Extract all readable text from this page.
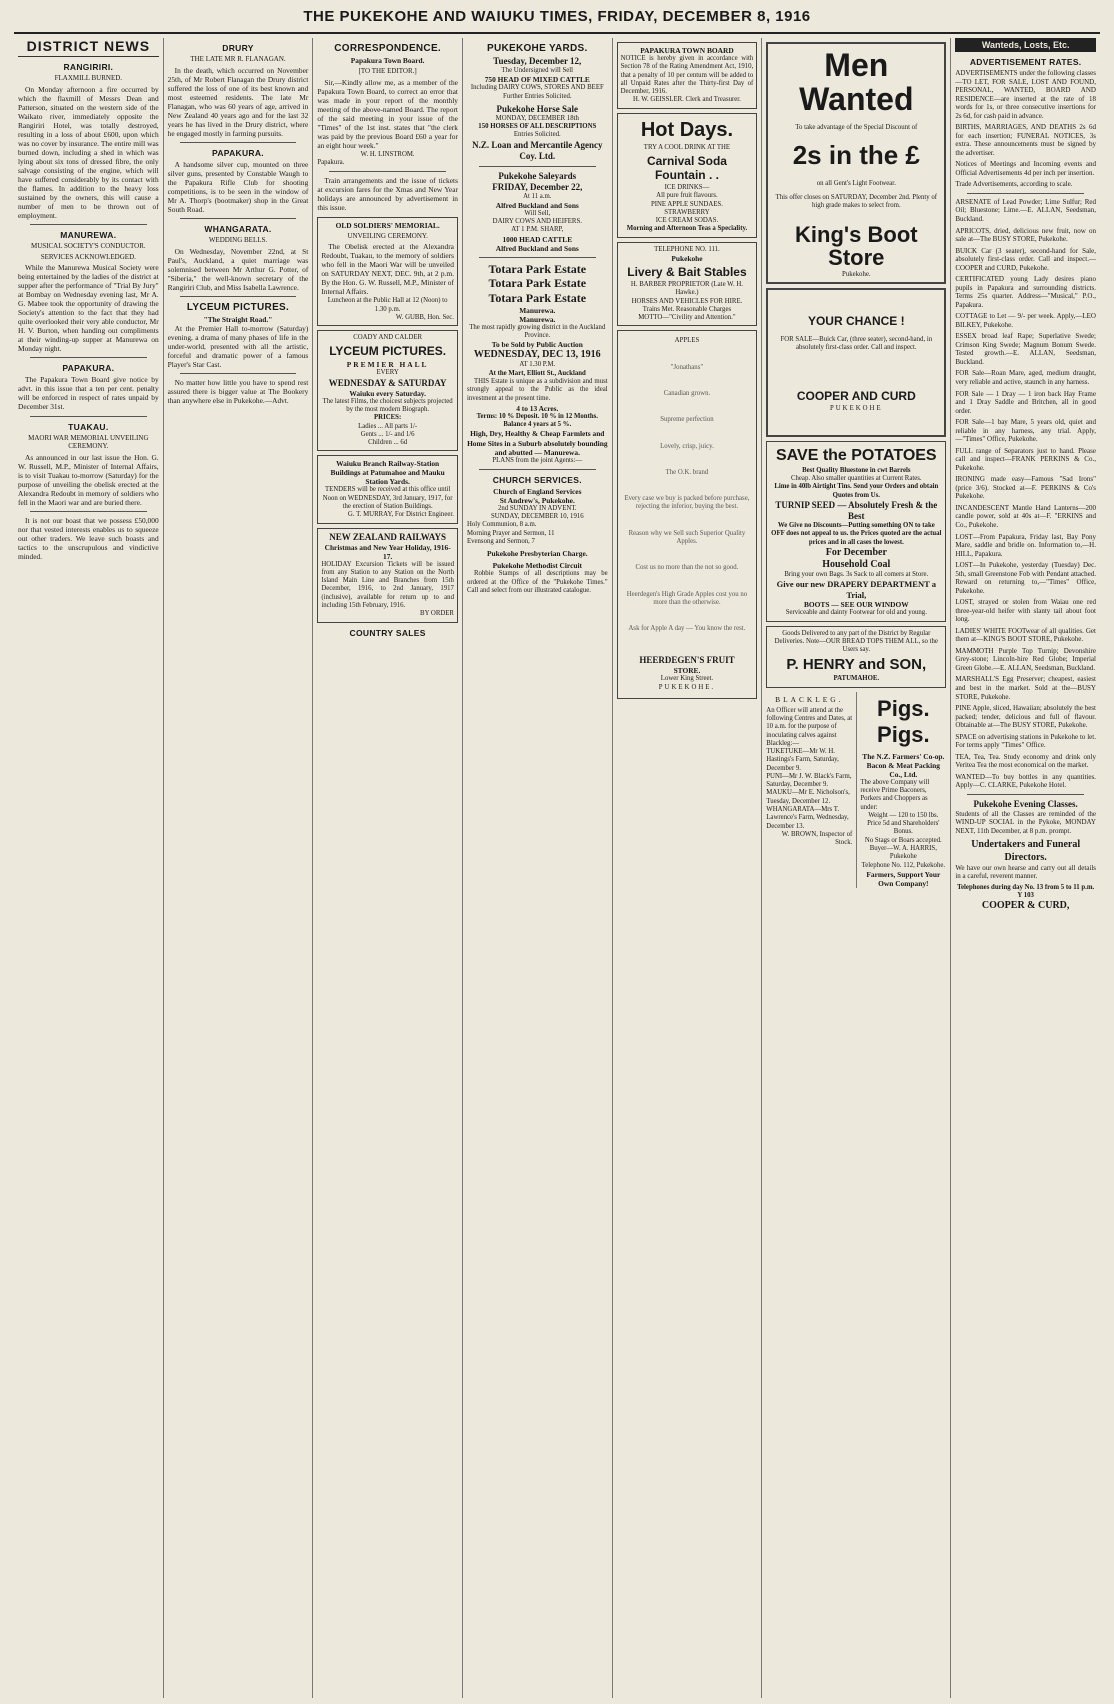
THE PUKEKOHE AND WAIUKU TIMES, FRIDAY, DECEMBER 8, 1916
DISTRICT NEWS
RANGIRIRI.
FLAXMILL BURNED.

On Monday afternoon a fire occurred by which the flaxmill of Messrs Dean and Patterson, situated on the western side of the Waikato river, immediately opposite the Rangiriri Hotel, was totally destroyed, resulting in a loss of about £600, upon which was no cover by insurance. The entire mill was burned down, including a shed in which was lying about six tons of dressed fibre, the only salvage consisting of the engine, which will have suffered considerably by its contact with the flames. In addition to the heavy loss sustained by the owners, this will cause a number of men to be thrown out of employment.

MANUREWA.
MUSICAL SOCIETY'S CONDUCTOR.
SERVICES ACKNOWLEDGED.

While the Manurewa Musical Society were being entertained by the ladies of the district at supper after the performance of "Trial By Jury" at Bombay on Wednesday evening last, Mr A. G. Mabee took the opportunity of drawing the Society's attention to the fact that they had quite overlooked their very able conductor, Mr H. V. Burton, when handing out compliments at their winding-up supper at Manurewa on Monday night.

PAPAKURA.

The Papakura Town Board give notice by advt. in this issue that a ten per cent. penalty will be enforced in respect of rates unpaid by December 31st.

TUAKAU.
MAORI WAR MEMORIAL UNVEILING CEREMONY.

As announced in our last issue the Hon. G. W. Russell, M.P., Minister of Internal Affairs, is to visit Tuakau to-morrow (Saturday) for the purpose of unveiling the obelisk erected at the Alexandra Redoubt in memory of soldiers who fell in the Maori war and are buried there.

It is not our boast that we possess £50,000 nor that vested interests enables us to squeeze out other traders. We leave such boasts and tactics to the unscrupulous and vindictive minded.

DRURY
THE LATE MR R. FLANAGAN.

In the death, which occurred on November 25th, of Mr Robert Flanagan the Drury district suffered the loss of one of its best known and most esteemed residents. The late Mr Flanagan, who was 60 years of age, arrived in New Zealand 40 years ago and for the last 32 years he has lived in the Drury district, where he engaged mostly in farming pursuits.

PAPAKURA.

A handsome silver cup, mounted on three silver guns, presented by Constable Waugh to the Papakura Rifle Club for shooting competitions, is to be seen in the window of Mr A. Thorp's (bootmaker) shop in the Great South Road.

WHANGARATA.
WEDDING BELLS.

On Wednesday, November 22nd, at St Paul's, Auckland, a quiet marriage was solemnised between Mr Arthur G. Potter, of "Siberia," the well-known secretary of the Rangiriri Club, and Miss Isabella Lawrence.

LYCEUM PICTURES.
"The Straight Road."

At the Premier Hall to-morrow (Saturday) evening, a drama of many phases of life in the under-world, presented with all the artistic, forceful and dramatic power of a famous Player's Star Cast.

No matter how little you have to spend rest assured there is bigger value at The Bookery than anywhere else in Pukekohe.—Advt.

CORRESPONDENCE.
Papakura Town Board.
[TO THE EDITOR.]

Sir,—Kindly allow me, as a member of the Papakura Town Board, to correct an error that was made in your report of the monthly meeting of the above-named Board. The report of the said meeting in your issue of the "Times" of the 1st inst. states that "the clerk was paid by the previous Board £60 a year for an eight hour week."

W. H. LINSTROM.
Papakura.

Train arrangements and the issue of tickets at excursion fares for the Xmas and New Year holidays are announced by advertisement in this issue.

OLD SOLDIERS' MEMORIAL.
UNVEILING CEREMONY.

The Obelisk erected at the Alexandra Redoubt, Tuakau, to the memory of soldiers who fell in the Maori War will be unveiled on SATURDAY NEXT, DEC. 9th, at 2 p.m. By the Hon. G. W. Russell, M.P., Minister of Internal Affairs.

Luncheon at the Public Hall at 12 (Noon) to 1.30 p.m.
W. GUBB, Hon. Sec.
COADY AND CALDER
LYCEUM PICTURES.
PREMIER HALL
EVERY
WEDNESDAY & SATURDAY
Waiuku every Saturday.
The latest Films, the choicest subjects projected by the most modern Biograph.
PRICES:
Ladies ... All parts 1/-
Gents ... 1/- and 1/6
Children ... 6d
Waiuku Branch Railway-Station Buildings at Patumahoe and Mauku Station Yards.
TENDERS will be received at this office until Noon on WEDNESDAY, 3rd January, 1917, for the erection of Station Buildings.
G. T. MURRAY, For District Engineer.
NEW ZEALAND RAILWAYS
Christmas and New Year Holiday, 1916-17.
HOLIDAY Excursion Tickets will be issued from any Station to any Station on the North Island Main Line and Branches from 15th December, 1916, to 2nd January, 1917 (inclusive), available for return up to and including 15th February, 1916.
BY ORDER
COUNTRY SALES
PUKEKOHE YARDS.
Tuesday, December 12,
The Undersigned will Sell
750 HEAD OF MIXED CATTLE
Including DAIRY COWS, STORES AND BEEF
Further Entries Solicited.
Pukekohe Horse Sale
MONDAY, DECEMBER 18th
150 HORSES OF ALL DESCRIPTIONS
Entries Solicited.
N.Z. Loan and Mercantile Agency Coy. Ltd.
Pukekohe Saleyards
FRIDAY, December 22,
At 11 a.m.
Alfred Buckland and Sons
Will Sell,
DAIRY COWS AND HEIFERS.
AT 1 P.M. SHARP,
1000 HEAD CATTLE
Alfred Buckland and Sons
Totara Park Estate
Totara Park Estate
Totara Park Estate
Manurewa.
Manurewa.
The most rapidly growing district in the Auckland Province.
To be Sold by Public Auction
WEDNESDAY, DEC 13, 1916
AT 1.30 P.M.
At the Mart, Elliott St., Auckland

THIS Estate is unique as a subdivision and must strongly appeal to the Public as the ideal investment at the present time.

4 to 13 Acres.
Terms: 10 % Deposit. 10 % in 12 Months. Balance 4 years at 5 %.
High, Dry, Healthy & Cheap Farmlets and Home Sites in a Suburb absolutely bounding and abutted — Manurewa.
PLANS from the joint Agents:—
CHURCH SERVICES.
Church of England Services
St Andrew's, Pukekohe.
2nd SUNDAY IN ADVENT.
SUNDAY, DECEMBER 10, 1916
Holy Communion, 8 a.m.
Morning Prayer and Sermon, 11
Evensong and Sermon, 7
Pukekohe Presbyterian Charge.
Pukekohe Methodist Circuit

Robbie Stamps of all descriptions may be ordered at the Office of the "Pukekohe Times." Call and select from our illustrated catalogue.

PAPAKURA TOWN BOARD
NOTICE is hereby given in accordance with Section 78 of the Rating Amendment Act, 1910, that a penalty of 10 per centum will be added to all Unpaid Rates after the Thirty-first Day of December, 1916.
H. W. GEISSLER. Clerk and Treasurer.
Hot Days.
TRY A COOL DRINK AT THE
Carnival Soda Fountain . .
ICE DRINKS—
All pure fruit flavours.
PINE APPLE SUNDAES.
STRAWBERRY
ICE CREAM SODAS.
Morning and Afternoon Teas a Speciality.
TELEPHONE NO. 111.
Pukekohe
Livery & Bait Stables
H. BARBER PROPRIETOR (Late W. H. Hawke.)
HORSES AND VEHICLES FOR HIRE.
Trains Met. Reasonable Charges
MOTTO—"Civility and Attention."
APPLES
"Jonathans"
Canadian grown.
Supreme perfection
Lovely, crisp, juicy.
The O.K. brand
Every case we buy is packed before purchase, rejecting the inferior, buying the best.
Reason why we Sell such Superior Quality Apples.
Cost us no more than the not so good.
Heerdegen's High Grade Apples cost you no more than the otherwise.
Ask for Apple A day — You know the rest.
HEERDEGEN'S FRUIT
STORE.
Lower King Street.
PUKEKOHE.
Men Wanted
To take advantage of the Special Discount of
2s in the £
on all Gent's Light Footwear.
This offer closes on SATURDAY, December 2nd. Plenty of high grade makes to select from.
King's Boot Store
Pukekohe.
YOUR CHANCE !
FOR SALE—Buick Car, (three seater), second-hand, in absolutely first-class order. Call and inspect.
COOPER AND CURD
PUKEKOHE
SAVE the POTATOES
Best Quality Bluestone in cwt Barrels
Cheap. Also smaller quantities at Current Rates.
Lime in 40lb Airtight Tins. Send your Orders and obtain Quotes from Us.
TURNIP SEED — Absolutely Fresh & the Best
We Give no Discounts—Putting something ON to take OFF does not appeal to us. the Prices quoted are the actual prices and in all cases the lowest.
For December
Household Coal
Bring your own Bags. 3s Sack to all comers at Store.
Give our new DRAPERY DEPARTMENT a Trial,
BOOTS — SEE OUR WINDOW
Serviceable and dainty Footwear for old and young.
Goods Delivered to any part of the District by Regular Deliveries. Note—OUR BREAD TOPS THEM ALL, so the Users say.
P. HENRY and SON,
PATUMAHOE.
BLACKLEG.
An Officer will attend at the following Centres and Dates, at 10 a.m. for the purpose of inoculating calves against Blackleg:—
TUKETUKE—Mr W. H. Hastings's Farm, Saturday, December 9.
PUNI—Mr J. W. Black's Farm, Saturday, December 9.
MAUKU—Mr E. Nicholson's, Tuesday, December 12.
WHANGARATA—Mrs T. Lawrence's Farm, Wednesday, December 13.
W. BROWN, Inspector of Stock.
Pigs. Pigs.
The N.Z. Farmers' Co-op. Bacon & Meat Packing Co., Ltd.
The above Company will receive Prime Baconers, Porkers and Choppers as under:
Weight — 120 to 150 lbs.
Price 5d and Shareholders' Bonus.
No Stags or Boars accepted.
Buyer—W. A. HARRIS, Pukekohe
Telephone No. 112, Pukekohe.
Farmers, Support Your Own Company!
Wanteds, Losts, Etc.
ADVERTISEMENT RATES.
ADVERTISEMENTS under the following classes—TO LET, FOR SALE, LOST AND FOUND, PERSONAL, WANTED, BOARD AND RESIDENCE—are inserted at the rate of 18 words for 1s, or three consecutive insertions for 2s 6d, for cash paid in advance.
BIRTHS, MARRIAGES, AND DEATHS 2s 6d for each insertion; FUNERAL NOTICES, 3s extra. These announcements must be signed by the advertiser.
Notices of Meetings and Incoming events and Official Advertisements 4d per inch per insertion.
Trade Advertisements, according to scale.
ARSENATE of Lead Powder; Lime Sulfur; Red Oil; Bluestone; Lime.—E. ALLAN, Seedsman, Buckland.
APRICOTS, dried, delicious new fruit, now on sale at—The BUSY STORE, Pukekohe.
BUICK Car (3 seater), second-hand for Sale, absolutely first-class order. Call and inspect.—COOPER and CURD, Pukekohe.
CERTIFICATED young Lady desires piano pupils in Papakura and surrounding districts. Terms 25s quarter. Address—"Musical," P.O., Papakura.
COTTAGE to Let — 9/- per week. Apply,—LEO BILKEY, Pukekohe.
ESSEX broad leaf Rape; Superlative Swede; Crimson King Swede; Magnum Bonum Swede. Tested growth.—E. ALLAN, Seedsman, Buckland.
FOR Sale—Roan Mare, aged, medium draught, very reliable and active, staunch in any harness.
FOR Sale — 1 Dray — 1 iron back Hay Frame and 1 Dray Saddle and Britchen, all in good order.
FOR Sale—1 bay Mare, 5 years old, quiet and reliable in any harness, any trial. Apply,—"Times" Office, Pukekohe.
FULL range of Separators just to hand. Please call and inspect—FRANK PERKINS & Co., Pukekohe.
IRONING made easy—Famous "Sad Irons" (price 3/6). Stocked at—F. PERKINS & Co's Pukekohe.
INCANDESCENT Mantle Hand Lanterns—200 candle power, sold at 40s at—F. "ERKINS and Co., Pukekohe.
LOST—From Papakura, Friday last, Bay Pony Mare, saddle and bridle on. Information to,—H. HILL, Papakura.
LOST—In Pukekohe, yesterday (Tuesday) Dec. 5th, small Greenstone Fob with Pendant attached. Reward on returning to,—"Times" Office, Pukekohe.
LOST, strayed or stolen from Waiau one red three-year-old heifer with slanty tail about foot long.
LADIES' WHITE FOOTwear of all qualities. Get them at—KING'S BOOT STORE, Pukekohe.
MAMMOTH Purple Top Turnip; Devonshire Grey-stone; Lincoln-hire Red Globe; Imperial Green Globe.—E. ALLAN, Seedsman, Buckland.
MARSHALL'S Egg Preserver; cheapest, easiest and best in the market. Sold at the—BUSY STORE, Pukekohe.
PINE Apple, sliced, Hawaiian; absolutely the best packed; tender, delicious and full of flavour. Obtainable at—The BUSY STORE, Pukekohe.
SPACE on advertising stations in Pukekohe to let. For terms apply "Times" Office.
TEA, Tea, Tea. Study economy and drink only Veritea Tea the most economical on the market.
WANTED—To buy bottles in any quantities. Apply—C. CLARKE, Pukekohe Hotel.
Pukekohe Evening Classes.
Students of all the Classes are reminded of the WIND-UP SOCIAL in the Pykoke, MONDAY NEXT, 11th December, at 8 p.m. prompt.
Undertakers and Funeral Directors.
We have our own hearse and carry out all details in a careful, reverent manner.
Telephones during day No. 13 from 5 to 11 p.m. Y 103
COOPER & CURD,
